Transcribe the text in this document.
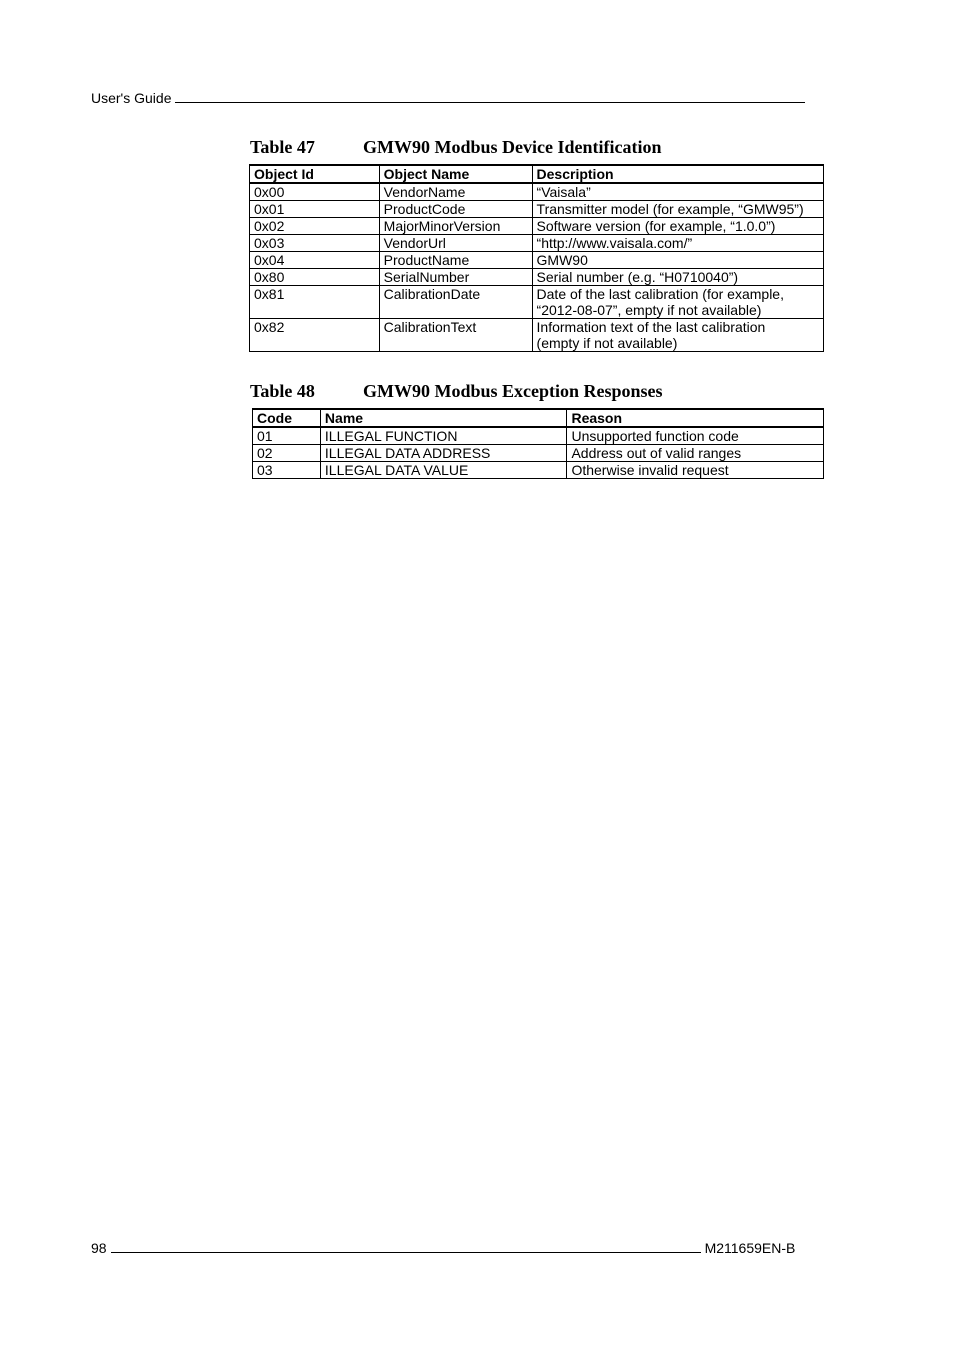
User's Guide
Table 47	GMW90 Modbus Device Identification
Object Id	Object Name	Description
0x00	VendorName	“Vaisala”
0x01	ProductCode	Transmitter model (for example, “GMW95”)
0x02	MajorMinorVersion	Software version (for example, “1.0.0”)
0x03	VendorUrl	“http://www.vaisala.com/”
0x04	ProductName	GMW90
0x80	SerialNumber	Serial number (e.g. “H0710040”)
0x81	CalibrationDate	Date of the last calibration (for example,
“2012-08-07”, empty if not available)
0x82	CalibrationText	Information text of the last calibration
(empty if not available)
Table 48	GMW90 Modbus Exception Responses
Code	Name	Reason
01	ILLEGAL FUNCTION	Unsupported function code
02	ILLEGAL DATA ADDRESS	Address out of valid ranges
03	ILLEGAL DATA VALUE	Otherwise invalid request
98	M211659EN-B
